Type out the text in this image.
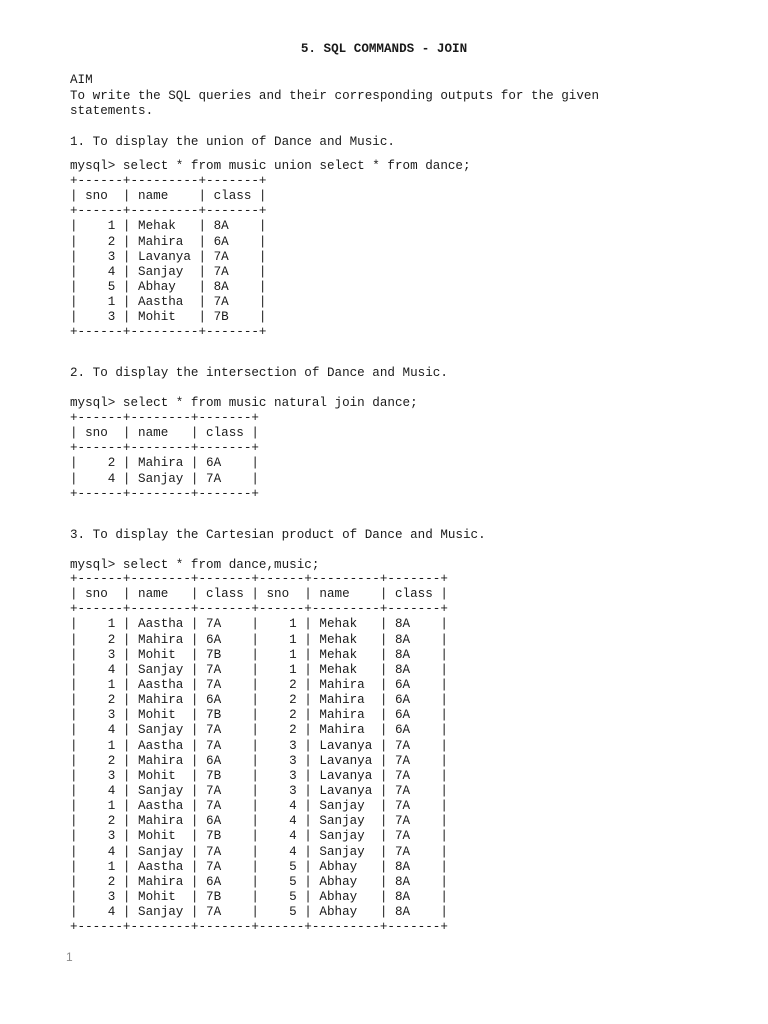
5. SQL COMMANDS - JOIN
AIM
To write the SQL queries and their corresponding outputs for the given
statements.
1. To display the union of Dance and Music.
mysql> select * from music union select * from dance;
+------+---------+-------+
| sno  | name    | class |
+------+---------+-------+
|    1 | Mehak   | 8A    |
|    2 | Mahira  | 6A    |
|    3 | Lavanya | 7A    |
|    4 | Sanjay  | 7A    |
|    5 | Abhay   | 8A    |
|    1 | Aastha  | 7A    |
|    3 | Mohit   | 7B    |
+------+---------+-------+
2. To display the intersection of Dance and Music.
mysql> select * from music natural join dance;
+------+--------+-------+
| sno  | name   | class |
+------+--------+-------+
|    2 | Mahira | 6A    |
|    4 | Sanjay | 7A    |
+------+--------+-------+
3. To display the Cartesian product of Dance and Music.
mysql> select * from dance,music;
+------+--------+-------+------+---------+-------+
| sno  | name   | class | sno  | name    | class |
+------+--------+-------+------+---------+-------+
|    1 | Aastha | 7A    |    1 | Mehak   | 8A    |
|    2 | Mahira | 6A    |    1 | Mehak   | 8A    |
|    3 | Mohit  | 7B    |    1 | Mehak   | 8A    |
|    4 | Sanjay | 7A    |    1 | Mehak   | 8A    |
|    1 | Aastha | 7A    |    2 | Mahira  | 6A    |
|    2 | Mahira | 6A    |    2 | Mahira  | 6A    |
|    3 | Mohit  | 7B    |    2 | Mahira  | 6A    |
|    4 | Sanjay | 7A    |    2 | Mahira  | 6A    |
|    1 | Aastha | 7A    |    3 | Lavanya | 7A    |
|    2 | Mahira | 6A    |    3 | Lavanya | 7A    |
|    3 | Mohit  | 7B    |    3 | Lavanya | 7A    |
|    4 | Sanjay | 7A    |    3 | Lavanya | 7A    |
|    1 | Aastha | 7A    |    4 | Sanjay  | 7A    |
|    2 | Mahira | 6A    |    4 | Sanjay  | 7A    |
|    3 | Mohit  | 7B    |    4 | Sanjay  | 7A    |
|    4 | Sanjay | 7A    |    4 | Sanjay  | 7A    |
|    1 | Aastha | 7A    |    5 | Abhay   | 8A    |
|    2 | Mahira | 6A    |    5 | Abhay   | 8A    |
|    3 | Mohit  | 7B    |    5 | Abhay   | 8A    |
|    4 | Sanjay | 7A    |    5 | Abhay   | 8A    |
+------+--------+-------+------+---------+-------+
1
